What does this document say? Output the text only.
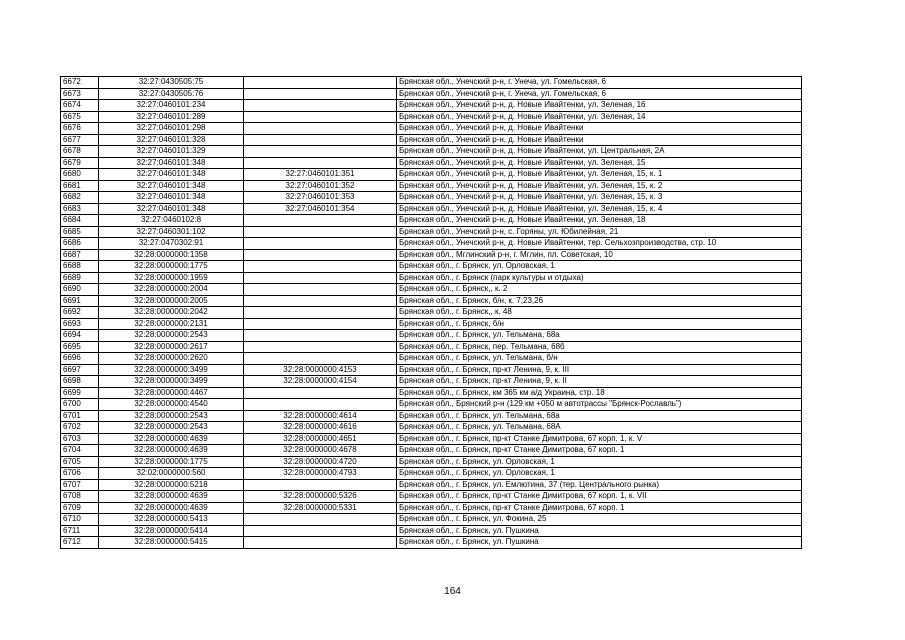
6672	32:27:0430505:75		Брянская обл., Унечский р-н, г. Унеча, ул. Гомельская, 6
6673	32:27:0430505:76		Брянская обл., Унечский р-н, г. Унеча, ул. Гомельская, 6
6674	32:27:0460101:234		Брянская обл., Унечский р-н, д. Новые Ивайтенки, ул. Зеленая, 16
6675	32:27:0460101:289		Брянская обл., Унечский р-н, д. Новые Ивайтенки, ул. Зеленая, 14
6676	32:27:0460101:298		Брянская обл., Унечский р-н, д. Новые Ивайтенки
6677	32:27:0460101:328		Брянская обл., Унечский р-н, д. Новые Ивайтенки
6678	32:27:0460101:329		Брянская обл., Унечский р-н, д. Новые Ивайтенки, ул. Центральная, 2А
6679	32:27:0460101:348		Брянская обл., Унечский р-н, д. Новые Ивайтенки, ул. Зеленая, 15
6680	32:27:0460101:348	32:27:0460101:351	Брянская обл., Унечский р-н, д. Новые Ивайтенки, ул. Зеленая, 15, к. 1
6681	32:27:0460101:348	32:27:0460101:352	Брянская обл., Унечский р-н, д. Новые Ивайтенки, ул. Зеленая, 15, к. 2
6682	32:27:0460101:348	32:27:0460101:353	Брянская обл., Унечский р-н, д. Новые Ивайтенки, ул. Зеленая, 15, к. 3
6683	32:27:0460101:348	32:27:0460101:354	Брянская обл., Унечский р-н, д. Новые Ивайтенки, ул. Зеленая, 15, к. 4
6684	32:27:0460102:8		Брянская обл., Унечский р-н, д. Новые Ивайтенки, ул. Зеленая, 18
6685	32:27:0460301:102		Брянская обл., Унечский р-н, с. Горяны, ул. Юбилейная, 21
6686	32:27:0470302:91		Брянская обл., Унечский р-н, д. Новые Ивайтенки, тер. Сельхозпроизводства, стр. 10
6687	32:28:0000000:1358		Брянская обл., Мглинский р-н, г. Мглин, пл. Советская, 10
6688	32:28:0000000:1775		Брянская обл., г. Брянск, ул. Орловская, 1
6689	32:28:0000000:1959		Брянская обл., г. Брянск (парк культуры и отдыха)
6690	32:28:0000000:2004		Брянская обл., г. Брянск,, к. 2
6691	32:28:0000000:2005		Брянская обл., г. Брянск, б/н, к. 7,23,26
6692	32:28:0000000:2042		Брянская обл., г. Брянск,, к. 48
6693	32:28:0000000:2131		Брянская обл., г. Брянск, б/н
6694	32:28:0000000:2543		Брянская обл., г. Брянск, ул. Тельмана, 68а
6695	32:28:0000000:2617		Брянская обл., г. Брянск, пер. Тельмана, 68б
6696	32:28:0000000:2620		Брянская обл., г. Брянск, ул. Тельмана, б/н
6697	32:28:0000000:3499	32:28:0000000:4153	Брянская обл., г. Брянск, пр-кт Ленина, 9, к. III
6698	32:28:0000000:3499	32:28:0000000:4154	Брянская обл., г. Брянск, пр-кт Ленина, 9, к. II
6699	32:28:0000000:4467		Брянская обл., г. Брянск, км 365 км а/д Украина, стр. 18
6700	32:28:0000000:4540		Брянская обл., Брянский р-н (129 км +050 м автотрассы "Брянск-Рославль")
6701	32:28:0000000:2543	32:28:0000000:4614	Брянская обл., г. Брянск, ул. Тельмана, 68а
6702	32:28:0000000:2543	32:28:0000000:4616	Брянская обл., г. Брянск, ул. Тельмана, 68А
6703	32:28:0000000:4639	32:28:0000000:4651	Брянская обл., г. Брянск, пр-кт Станке Димитрова, 67 корп. 1, к. V
6704	32:28:0000000:4639	32:28:0000000:4678	Брянская обл., г. Брянск, пр-кт Станке Димитрова, 67 корп. 1
6705	32:28:0000000:1775	32:28:0000000:4720	Брянская обл., г. Брянск, ул. Орловская, 1
6706	32:02:0000000:560	32:28:0000000:4793	Брянская обл., г. Брянск, ул. Орловская, 1
6707	32:28:0000000:5218		Брянская обл., г. Брянск, ул. Емлютина, 37 (тер. Центрального рынка)
6708	32:28:0000000:4639	32:28:0000000:5326	Брянская обл., г. Брянск, пр-кт Станке Димитрова, 67 корп. 1, к. VII
6709	32:28:0000000:4639	32:28:0000000:5331	Брянская обл., г. Брянск, пр-кт Станке Димитрова, 67 корп. 1
6710	32:28:0000000:5413		Брянская обл., г. Брянск, ул. Фокина, 25
6711	32:28:0000000:5414		Брянская обл., г. Брянск, ул. Пушкина
6712	32:28:0000000:5415		Брянская обл., г. Брянск, ул. Пушкина
164
